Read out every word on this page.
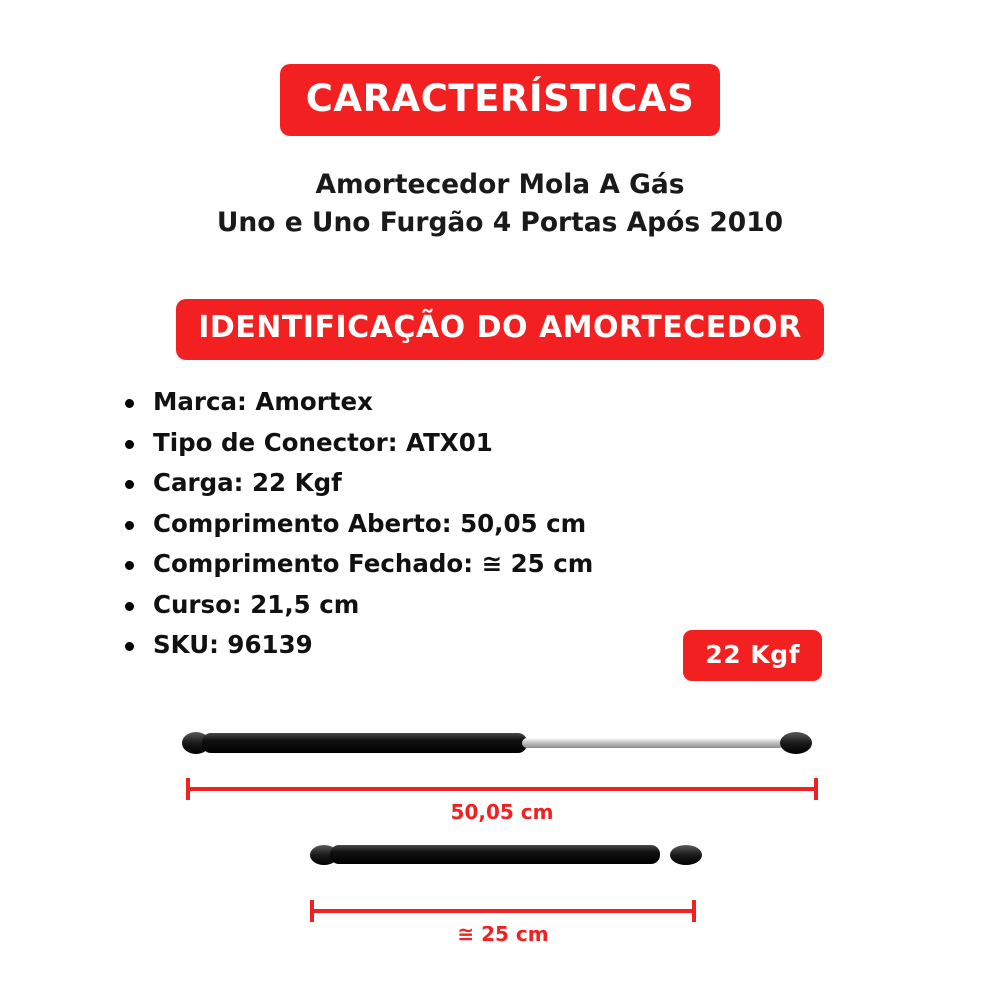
CARACTERÍSTICAS
Amortecedor Mola A Gás
Uno e Uno Furgão 4 Portas Após 2010
IDENTIFICAÇÃO DO AMORTECEDOR
Marca: Amortex
Tipo de Conector: ATX01
Carga: 22 Kgf
Comprimento Aberto: 50,05 cm
Comprimento Fechado: ≅ 25 cm
Curso: 21,5 cm
SKU: 96139	22 Kgf
50,05 cm
≅ 25 cm
